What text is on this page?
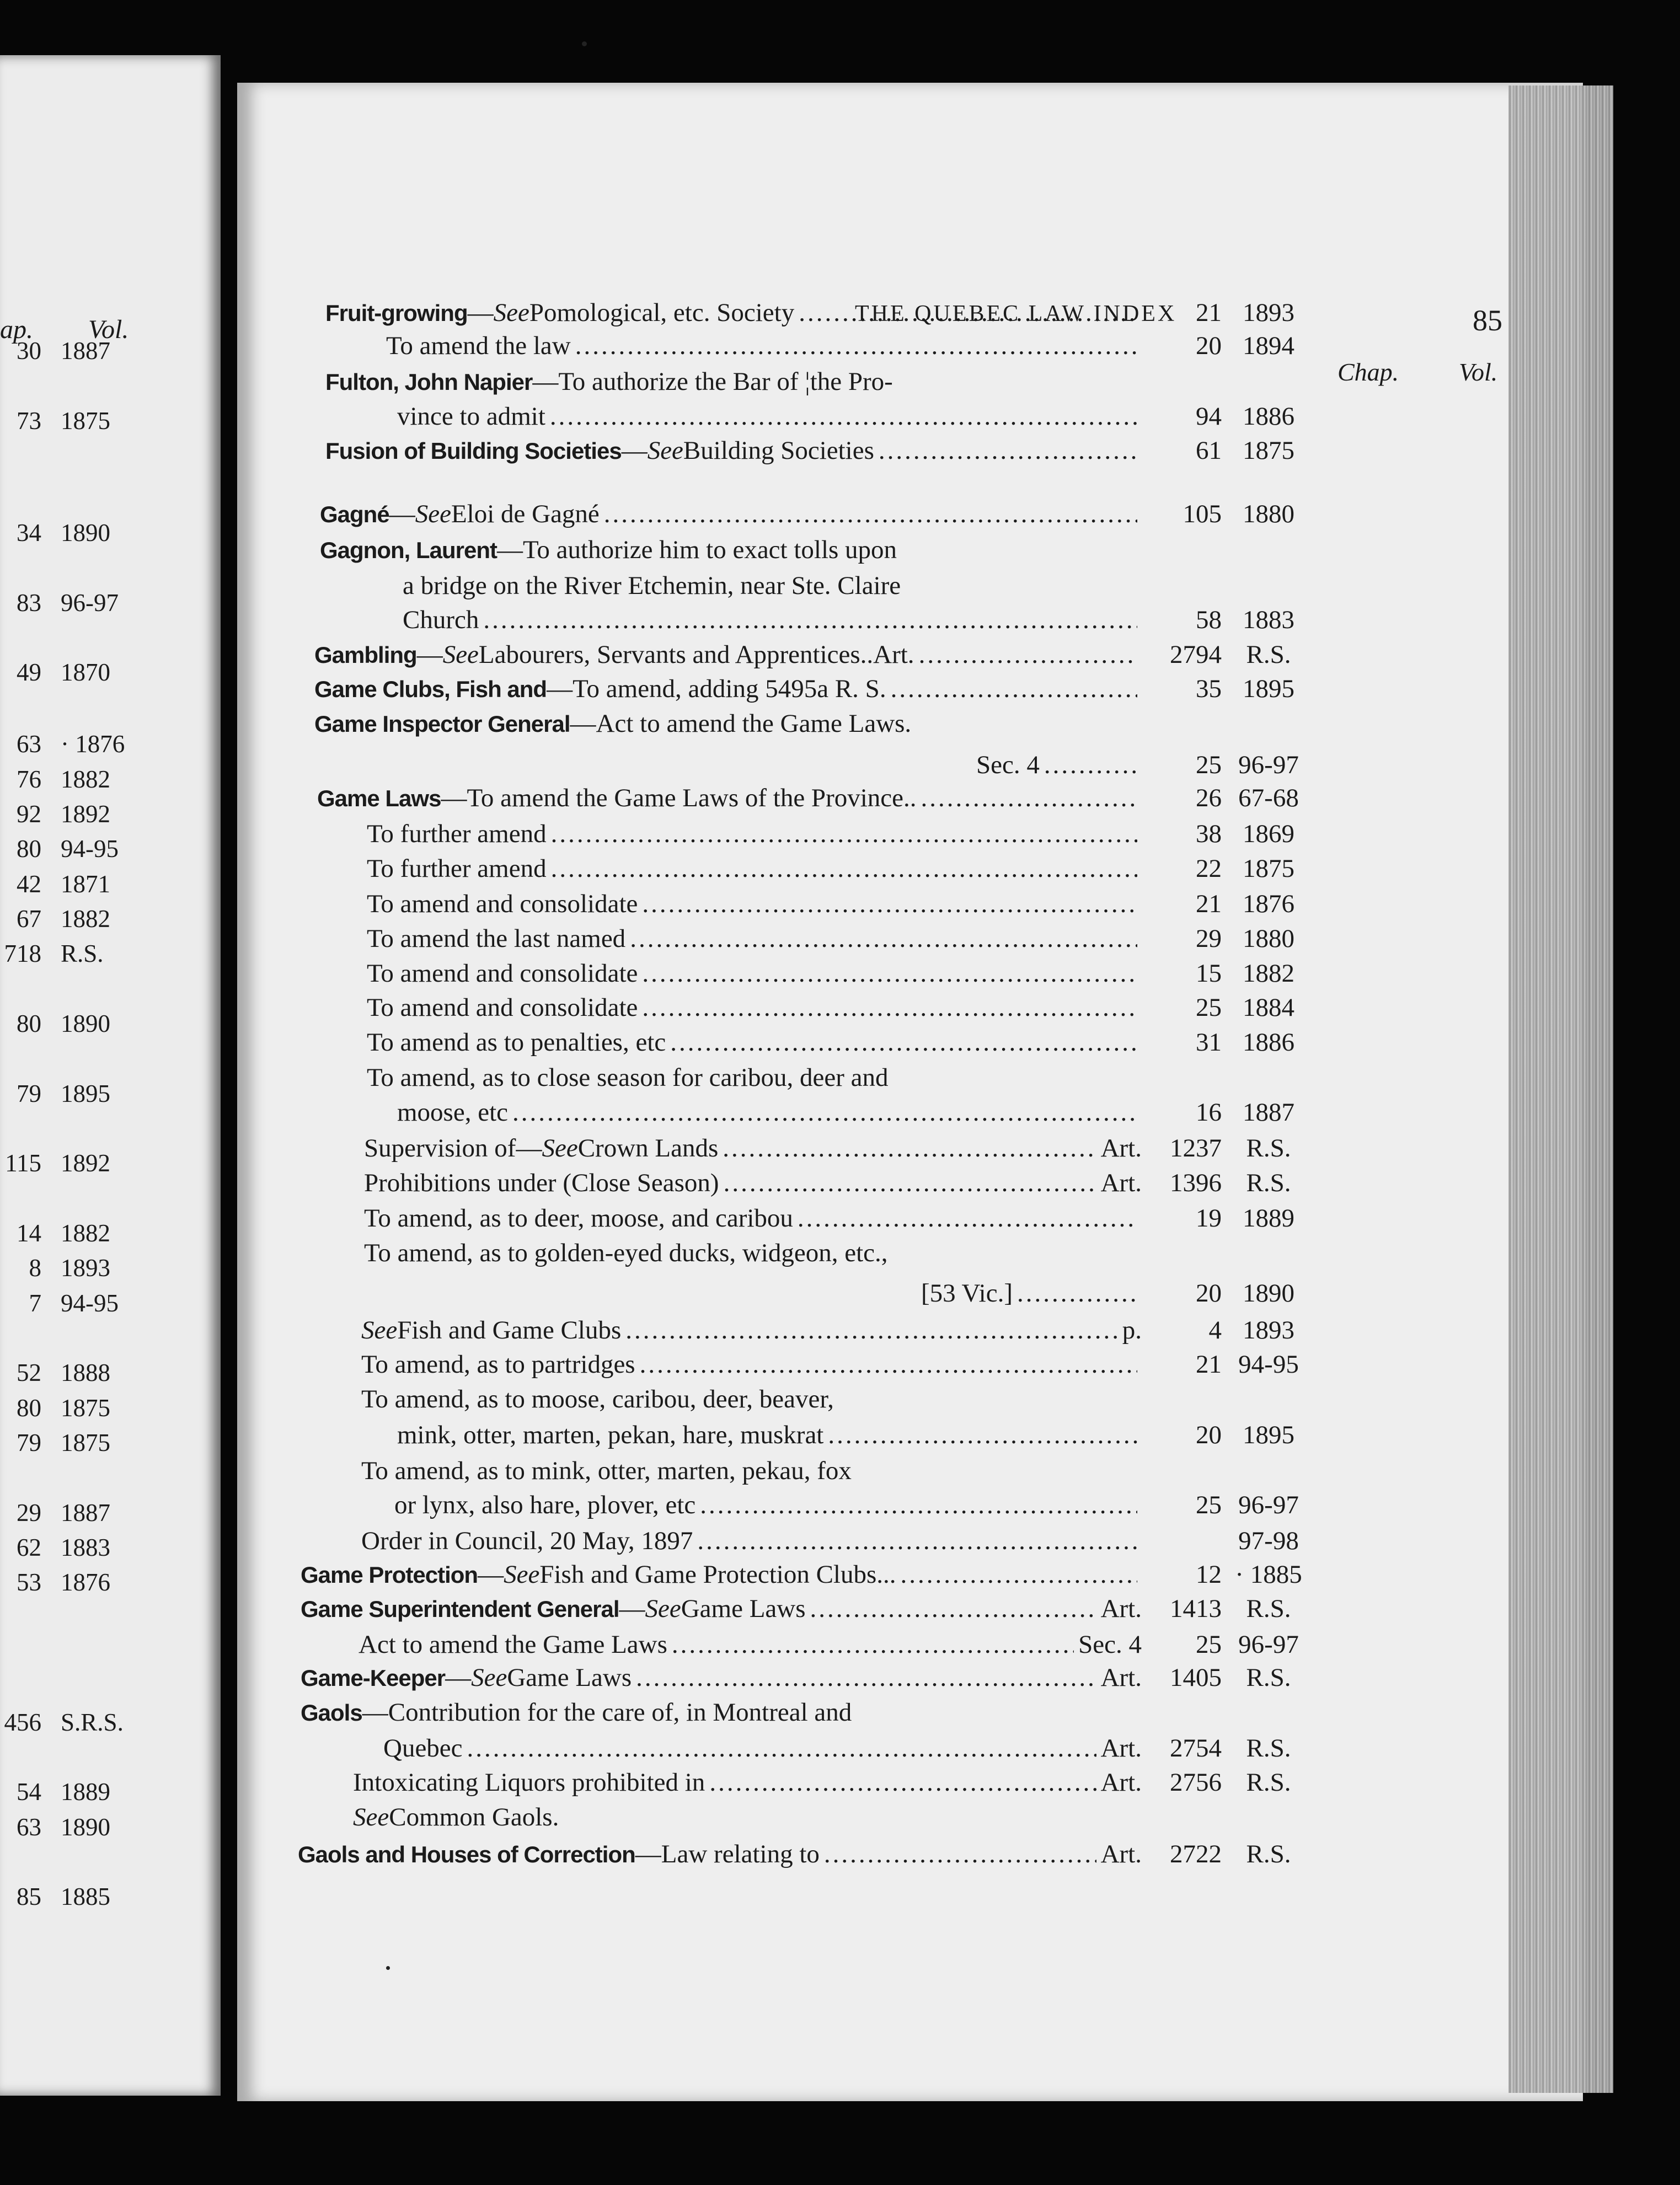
ap. Vol.
30 1887
73 1875
34 1890
83 96-97
49 1870
63 · 1876
76 1882
92 1892
80 94-95
42 1871
67 1882
718 R.S.
80 1890
79 1895
115 1892
14 1882
8 1893
7 94-95
52 1888
80 1875
79 1875
29 1887
62 1883
53 1876
456 S.R.S.
54 1889
63 1890
85 1885
THE QUEBEC LAW INDEX	85
Chap. Vol.
Fruit-growing — See Pomological, etc. Society .....	21 1893
To amend the law .....	20 1894
Fulton, John Napier —To authorize the Bar of ¦the Pro-
vince to admit .....	94 1886
Fusion of Building Societies — See Building Societies .....	61 1875
Gagné — See Eloi de Gagné .....	105 1880
Gagnon, Laurent —To authorize him to exact tolls upon
a bridge on the River Etchemin, near Ste. Claire
Church .....	58 1883
Gambling — See Labourers, Servants and Apprentices..Art. .....	2794 R.S.
Game Clubs, Fish and —To amend, adding 5495a R. S. .....	35 1895
Game Inspector General —Act to amend the Game Laws.
Sec. 4 .....	25 96-97
Game Laws —To amend the Game Laws of the Province.. .....	26 67-68
To further amend .....	38 1869
To further amend .....	22 1875
To amend and consolidate .....	21 1876
To amend the last named .....	29 1880
To amend and consolidate .....	15 1882
To amend and consolidate .....	25 1884
To amend as to penalties, etc .....	31 1886
To amend, as to close season for caribou, deer and
moose, etc .....	16 1887
Supervision of— See Crown Lands .....	Art.	1237 R.S.
Prohibitions under (Close Season) .....	Art.	1396 R.S.
To amend, as to deer, moose, and caribou .....	19 1889
To amend, as to golden-eyed ducks, widgeon, etc.,
[53 Vic.] .....	20 1890
See Fish and Game Clubs .....	p.	4 1893
To amend, as to partridges .....	21 94-95
To amend, as to moose, caribou, deer, beaver,
mink, otter, marten, pekan, hare, muskrat .....	20 1895
To amend, as to mink, otter, marten, pekau, fox
or lynx, also hare, plover, etc .....	25 96-97
Order in Council, 20 May, 1897 .....	97-98
Game Protection — See Fish and Game Protection Clubs... .....	12 · 1885
Game Superintendent General — See Game Laws .....	Art.	1413 R.S.
Act to amend the Game Laws .....	Sec. 4	25 96-97
Game-Keeper — See Game Laws .....	Art.	1405 R.S.
Gaols —Contribution for the care of, in Montreal and
Quebec .....	Art.	2754 R.S.
Intoxicating Liquors prohibited in .....	Art.	2756 R.S.
See Common Gaols.
Gaols and Houses of Correction —Law relating to .....	Art.	2722 R.S.
